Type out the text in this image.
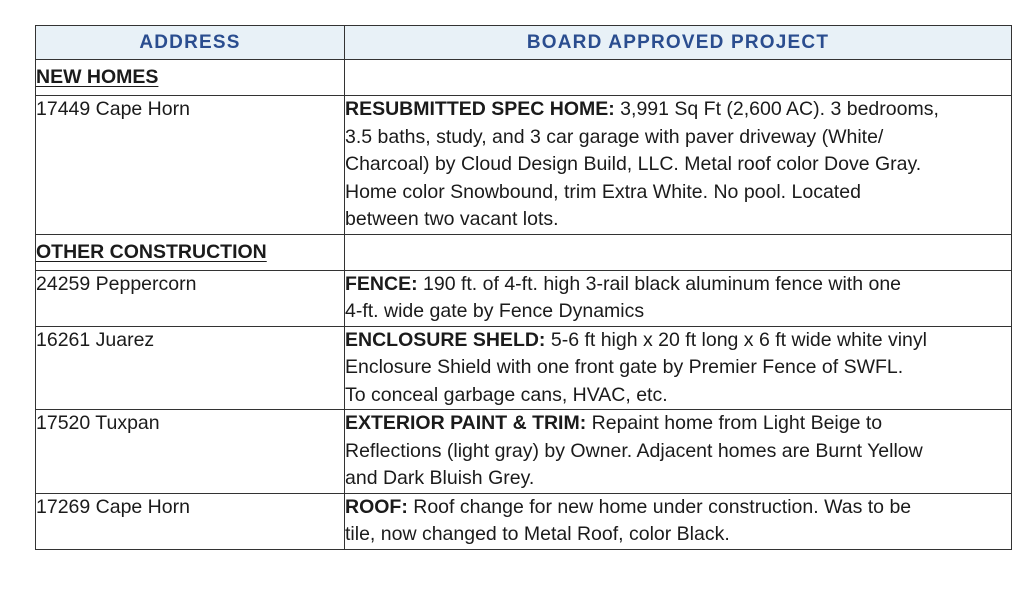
ADDRESS	BOARD APPROVED PROJECT
NEW HOMES	
17449 Cape Horn	RESUBMITTED SPEC HOME: 3,991 Sq Ft (2,600 AC). 3 bedrooms,
3.5 baths, study, and 3 car garage with paver driveway (White/
Charcoal) by Cloud Design Build, LLC. Metal roof color Dove Gray.
Home color Snowbound, trim Extra White. No pool. Located
between two vacant lots.
OTHER CONSTRUCTION	
24259 Peppercorn	FENCE: 190 ft. of 4-ft. high 3-rail black aluminum fence with one
4-ft. wide gate by Fence Dynamics
16261 Juarez	ENCLOSURE SHELD: 5-6 ft high x 20 ft long x 6 ft wide white vinyl
Enclosure Shield with one front gate by Premier Fence of SWFL.
To conceal garbage cans, HVAC, etc.
17520 Tuxpan	EXTERIOR PAINT & TRIM: Repaint home from Light Beige to
Reflections (light gray) by Owner. Adjacent homes are Burnt Yellow
and Dark Bluish Grey.
17269 Cape Horn	ROOF: Roof change for new home under construction. Was to be
tile, now changed to Metal Roof, color Black.
